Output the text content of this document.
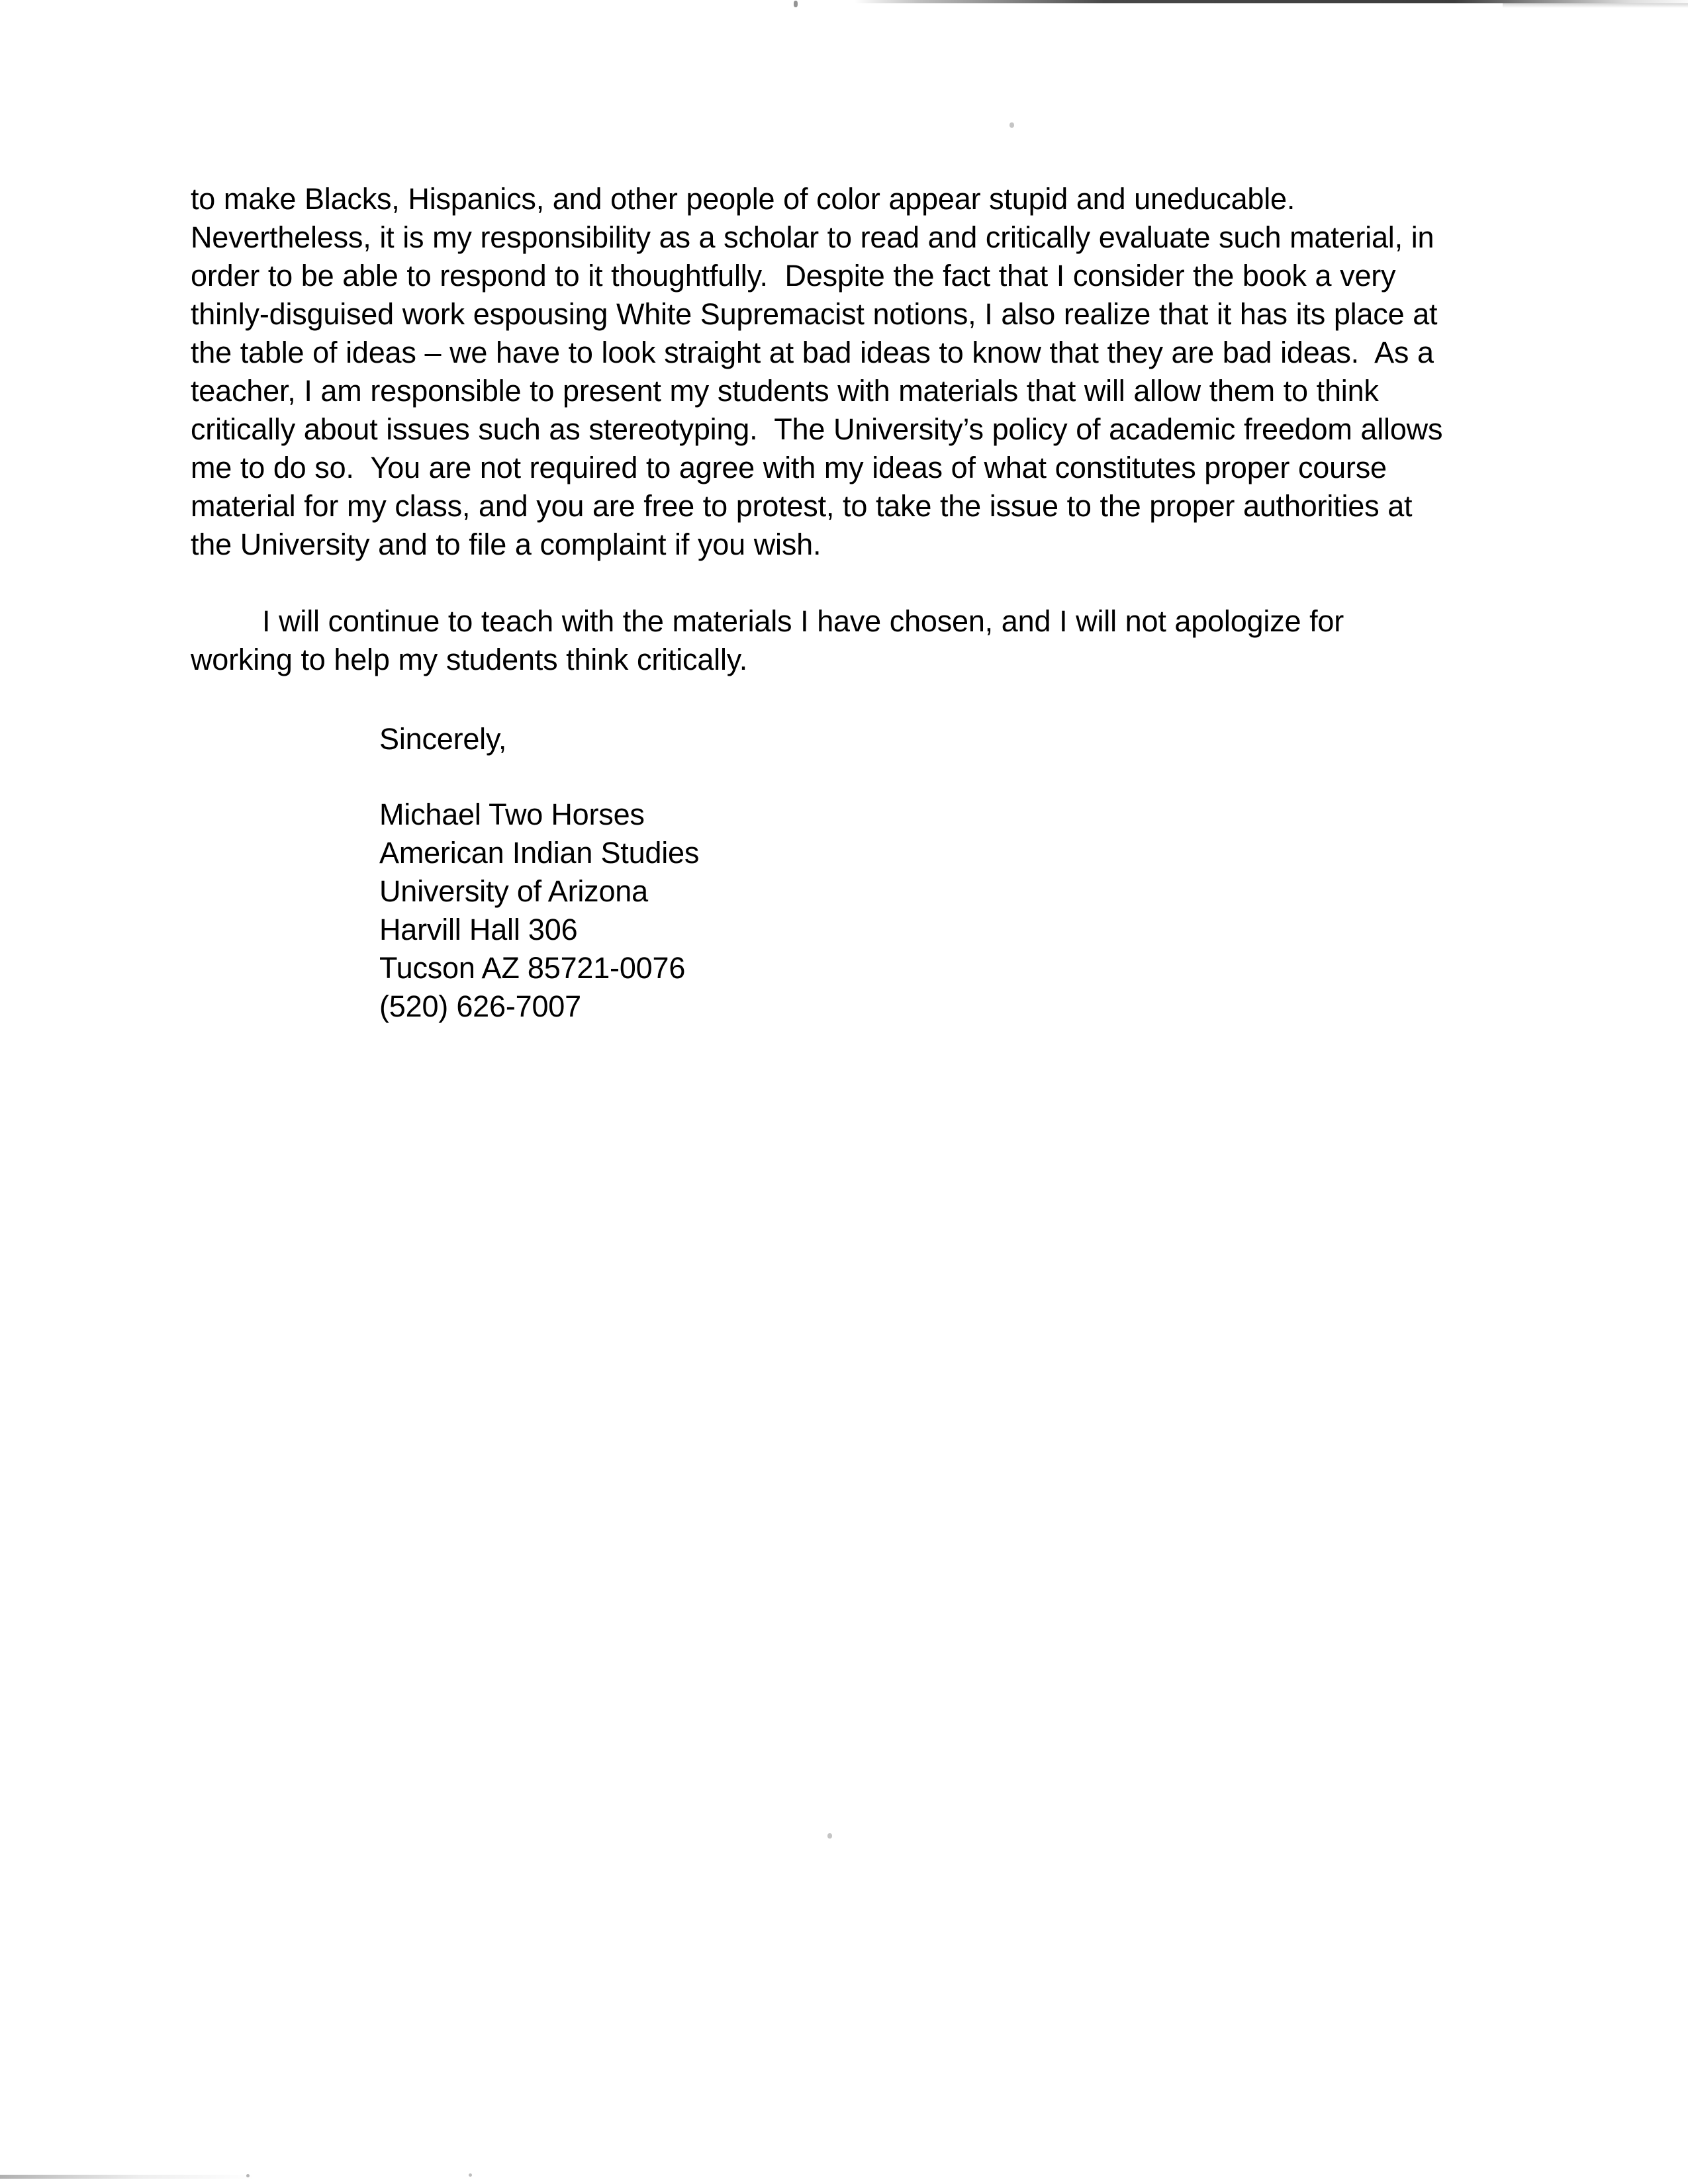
to make Blacks, Hispanics, and other people of color appear stupid and uneducable.  Nevertheless, it is my responsibility as a scholar to read and critically evaluate such material, in order to be able to respond to it thoughtfully.  Despite the fact that I consider the book a very thinly-disguised work espousing White Supremacist notions, I also realize that it has its place at the table of ideas – we have to look straight at bad ideas to know that they are bad ideas.  As a teacher, I am responsible to present my students with materials that will allow them to think critically about issues such as stereotyping.  The University’s policy of academic freedom allows me to do so.  You are not required to agree with my ideas of what constitutes proper course material for my class, and you are free to protest, to take the issue to the proper authorities at the University and to file a complaint if you wish.

I will continue to teach with the materials I have chosen, and I will not apologize for working to help my students think critically.

Sincerely,
Michael Two Horses
American Indian Studies
University of Arizona
Harvill Hall 306
Tucson AZ 85721-0076
(520) 626-7007
